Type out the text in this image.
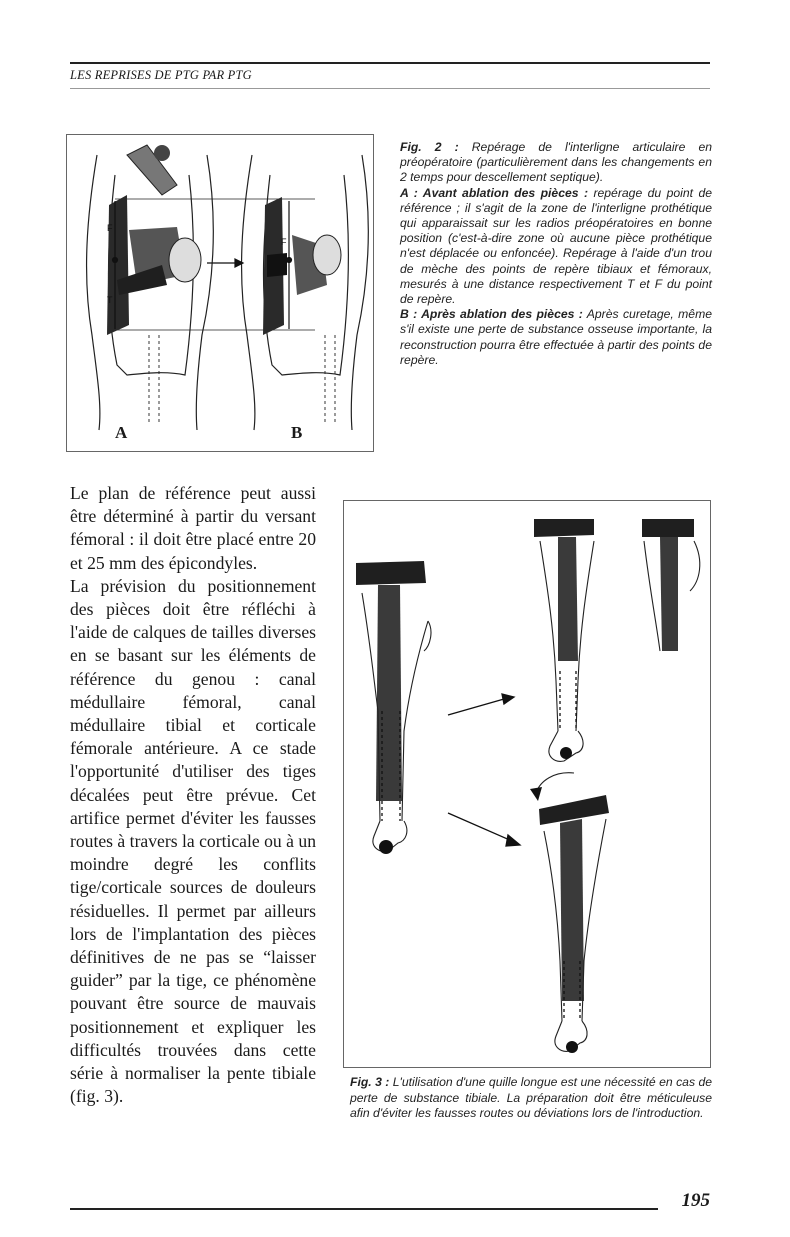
LES REPRISES DE PTG PAR PTG
F
T
F
A	B

Fig. 2 : Repérage de l'interligne articulaire en préopératoire (particulièrement dans les changements en 2 temps pour descellement septique).

A : Avant ablation des pièces : repérage du point de référence ; il s'agit de la zone de l'interligne prothétique qui apparaissait sur les radios préopératoires en bonne position (c'est-à-dire zone où aucune pièce prothétique n'est déplacée ou enfoncée). Repérage à l'aide d'un trou de mèche des points de repère tibiaux et fémoraux, mesurés à une distance respectivement T et F du point de repère.

B : Après ablation des pièces : Après curetage, même s'il existe une perte de substance osseuse importante, la reconstruction pourra être effectuée à partir des points de repère.

Le plan de référence peut aussi être déterminé à partir du versant fémoral : il doit être placé entre 20 et 25 mm des épicondyles.

La prévision du positionnement des pièces doit être réfléchi à l'aide de calques de tailles diverses en se basant sur les éléments de référence du genou : canal médullaire fémoral, canal médullaire tibial et corticale fémorale antérieure. A ce stade l'opportunité d'utiliser des tiges décalées peut être prévue. Cet artifice permet d'éviter les fausses routes à travers la corticale ou à un moindre degré les conflits tige/corticale sources de douleurs résiduelles. Il permet par ailleurs lors de l'implantation des pièces définitives de ne pas se “laisser guider” par la tige, ce phénomène pouvant être source de mauvais positionnement et expliquer les difficultés trouvées dans cette série à normaliser la pente tibiale (fig. 3).

Fig. 3 : L'utilisation d'une quille longue est une nécessité en cas de perte de substance tibiale. La préparation doit être méticuleuse afin d'éviter les fausses routes ou déviations lors de l'introduction.

195
